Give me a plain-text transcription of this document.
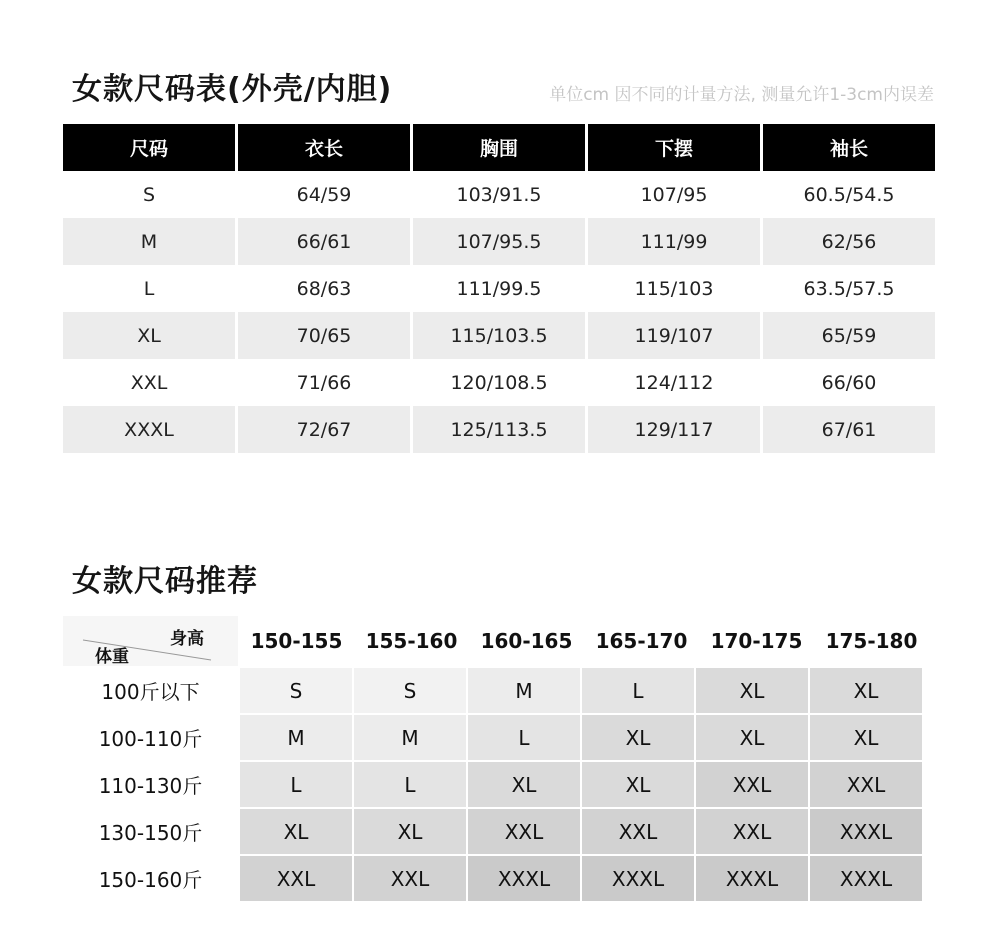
女款尺码表(外壳/内胆)	单位cm 因不同的计量方法, 测量允许1-3cm内误差
尺码	衣长	胸围	下摆	袖长
S	64/59	103/91.5	107/95	60.5/54.5
M	66/61	107/95.5	111/99	62/56
L	68/63	111/99.5	115/103	63.5/57.5
XL	70/65	115/103.5	119/107	65/59
XXL	71/66	120/108.5	124/112	66/60
XXXL	72/67	125/113.5	129/117	67/61
女款尺码推荐
身高
体重
150-155	155-160	160-165	165-170	170-175	175-180
100斤以下	S	S	M	L	XL	XL
100-110斤	M	M	L	XL	XL	XL
110-130斤	L	L	XL	XL	XXL	XXL
130-150斤	XL	XL	XXL	XXL	XXL	XXXL
150-160斤	XXL	XXL	XXXL	XXXL	XXXL	XXXL
